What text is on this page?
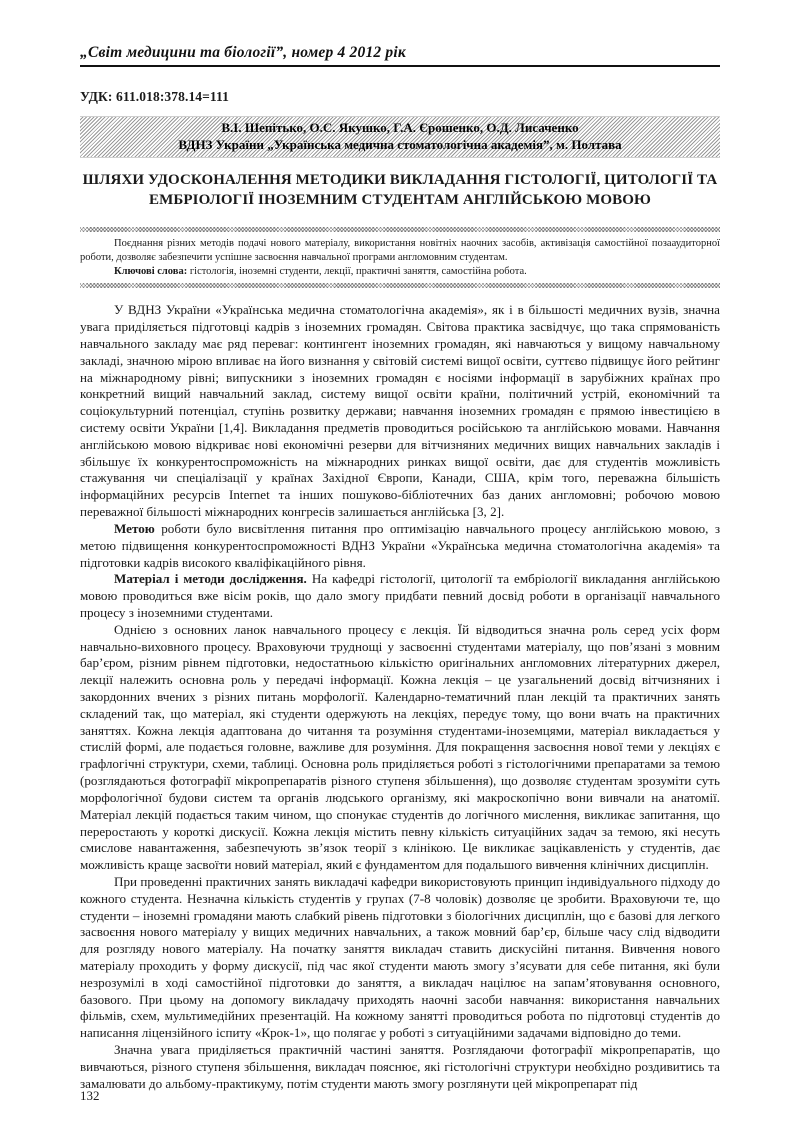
„Світ медицини та біології”, номер 4 2012 рік
УДК: 611.018:378.14=111
В.І. Шепітько, О.С. Якушко, Г.А. Єрошенко, О.Д. Лисаченко
ВДНЗ України „Українська медична стоматологічна академія”, м. Полтава
ШЛЯХИ УДОСКОНАЛЕННЯ МЕТОДИКИ ВИКЛАДАННЯ ГІСТОЛОГІЇ, ЦИТОЛОГІЇ ТА ЕМБРІОЛОГІЇ ІНОЗЕМНИМ СТУДЕНТАМ АНГЛІЙСЬКОЮ МОВОЮ

Поєднання різних методів подачі нового матеріалу, використання новітніх наочних засобів, активізація самостійної позааудиторної роботи, дозволяє забезпечити успішне засвоєння навчальної програми англомовним студентам.

Ключові слова: гістологія, іноземні студенти, лекції, практичні заняття, самостійна робота.

У ВДНЗ України «Українська медична стоматологічна академія», як і в більшості медичних вузів, значна увага приділяється підготовці кадрів з іноземних громадян. Світова практика засвідчує, що така спрямованість навчального закладу має ряд переваг: контингент іноземних громадян, які навчаються у вищому навчальному закладі, значною мірою впливає на його визнання у світовій системі вищої освіти, суттєво підвищує його рейтинг на міжнародному рівні; випускники з іноземних громадян є носіями інформації в зарубіжних країнах про конкретний вищий навчальний заклад, систему вищої освіти країни, політичний устрій, економічний та соціокультурний потенціал, ступінь розвитку держави; навчання іноземних громадян є прямою інвестицією в систему освіти України [1,4]. Викладання предметів проводиться російською та англійською мовами. Навчання англійською мовою відкриває нові економічні резерви для вітчизняних медичних вищих навчальних закладів і збільшує їх конкурентоспроможність на міжнародних ринках вищої освіти, дає для студентів можливість стажування чи спеціалізації у країнах Західної Європи, Канади, США, крім того, переважна більшість інформаційних ресурсів Internet та інших пошуково-бібліотечних баз даних англомовні; робочою мовою переважної більшості міжнародних конгресів залишається англійська [3, 2].

Метою роботи було висвітлення питання про оптимізацію навчального процесу англійською мовою, з метою підвищення конкурентоспроможності ВДНЗ України «Українська медична стоматологічна академія» та підготовки кадрів високого кваліфікаційного рівня.

Матеріал і методи дослідження. На кафедрі гістології, цитології та ембріології викладання англійською мовою проводиться вже вісім років, що дало змогу придбати певний досвід роботи в організації навчального процесу з іноземними студентами.

Однією з основних ланок навчального процесу є лекція. Їй відводиться значна роль серед усіх форм навчально-виховного процесу. Враховуючи труднощі у засвоєнні студентами матеріалу, що пов’язані з мовним бар’єром, різним рівнем підготовки, недостатньою кількістю оригінальних англомовних літературних джерел, лекції належить основна роль у передачі інформації. Кожна лекція – це узагальнений досвід вітчизняних і закордонних вчених з різних питань морфології. Календарно-тематичний план лекцій та практичних занять складений так, що матеріал, які студенти одержують на лекціях, передує тому, що вони вчать на практичних заняттях. Кожна лекція адаптована до читання та розуміння студентами-іноземцями, матеріал викладається у стислій формі, але подається головне, важливе для розуміння. Для покращення засвоєння нової теми у лекціях є графлогічні структури, схеми, таблиці. Основна роль приділяється роботі з гістологічними препаратами за темою (розглядаються фотографії мікропрепаратів різного ступеня збільшення), що дозволяє студентам зрозуміти суть морфологічної будови систем та органів людського організму, які макроскопічно вони вивчали на анатомії. Матеріал лекцій подається таким чином, що спонукає студентів до логічного мислення, викликає запитання, що переростають у короткі дискусії. Кожна лекція містить певну кількість ситуаційних задач за темою, які несуть смислове навантаження, забезпечують зв’язок теорії з клінікою. Це викликає зацікавленість у студентів, дає можливість краще засвоїти новий матеріал, який є фундаментом для подальшого вивчення клінічних дисциплін.

При проведенні практичних занять викладачі кафедри використовують принцип індивідуального підходу до кожного студента. Незначна кількість студентів у групах (7-8 чоловік) дозволяє це зробити. Враховуючи те, що студенти – іноземні громадяни мають слабкий рівень підготовки з біологічних дисциплін, що є базові для легкого засвоєння нового матеріалу у вищих медичних навчальних, а також мовний бар’єр, більше часу слід відводити для розгляду нового матеріалу. На початку заняття викладач ставить дискусійні питання. Вивчення нового матеріалу проходить у форму дискусії, під час якої студенти мають змогу з’ясувати для себе питання, які були незрозумілі в ході самостійної підготовки до заняття, а викладач націлює на запам’ятовування основного, базового. При цьому на допомогу викладачу приходять наочні засоби навчання: використання навчальних фільмів, схем, мультимедійних презентацій. На кожному занятті проводиться робота по підготовці студентів до написання ліцензійного іспиту «Крок-1», що полягає у роботі з ситуаційними задачами відповідно до теми.

Значна увага приділяється практичній частині заняття. Розглядаючи фотографії мікропрепаратів, що вивчаються, різного ступеня збільшення, викладач пояснює, які гістологічні структури необхідно роздивитись та замалювати до альбому-практикуму, потім студенти мають змогу розглянути цей мікропрепарат під

132
